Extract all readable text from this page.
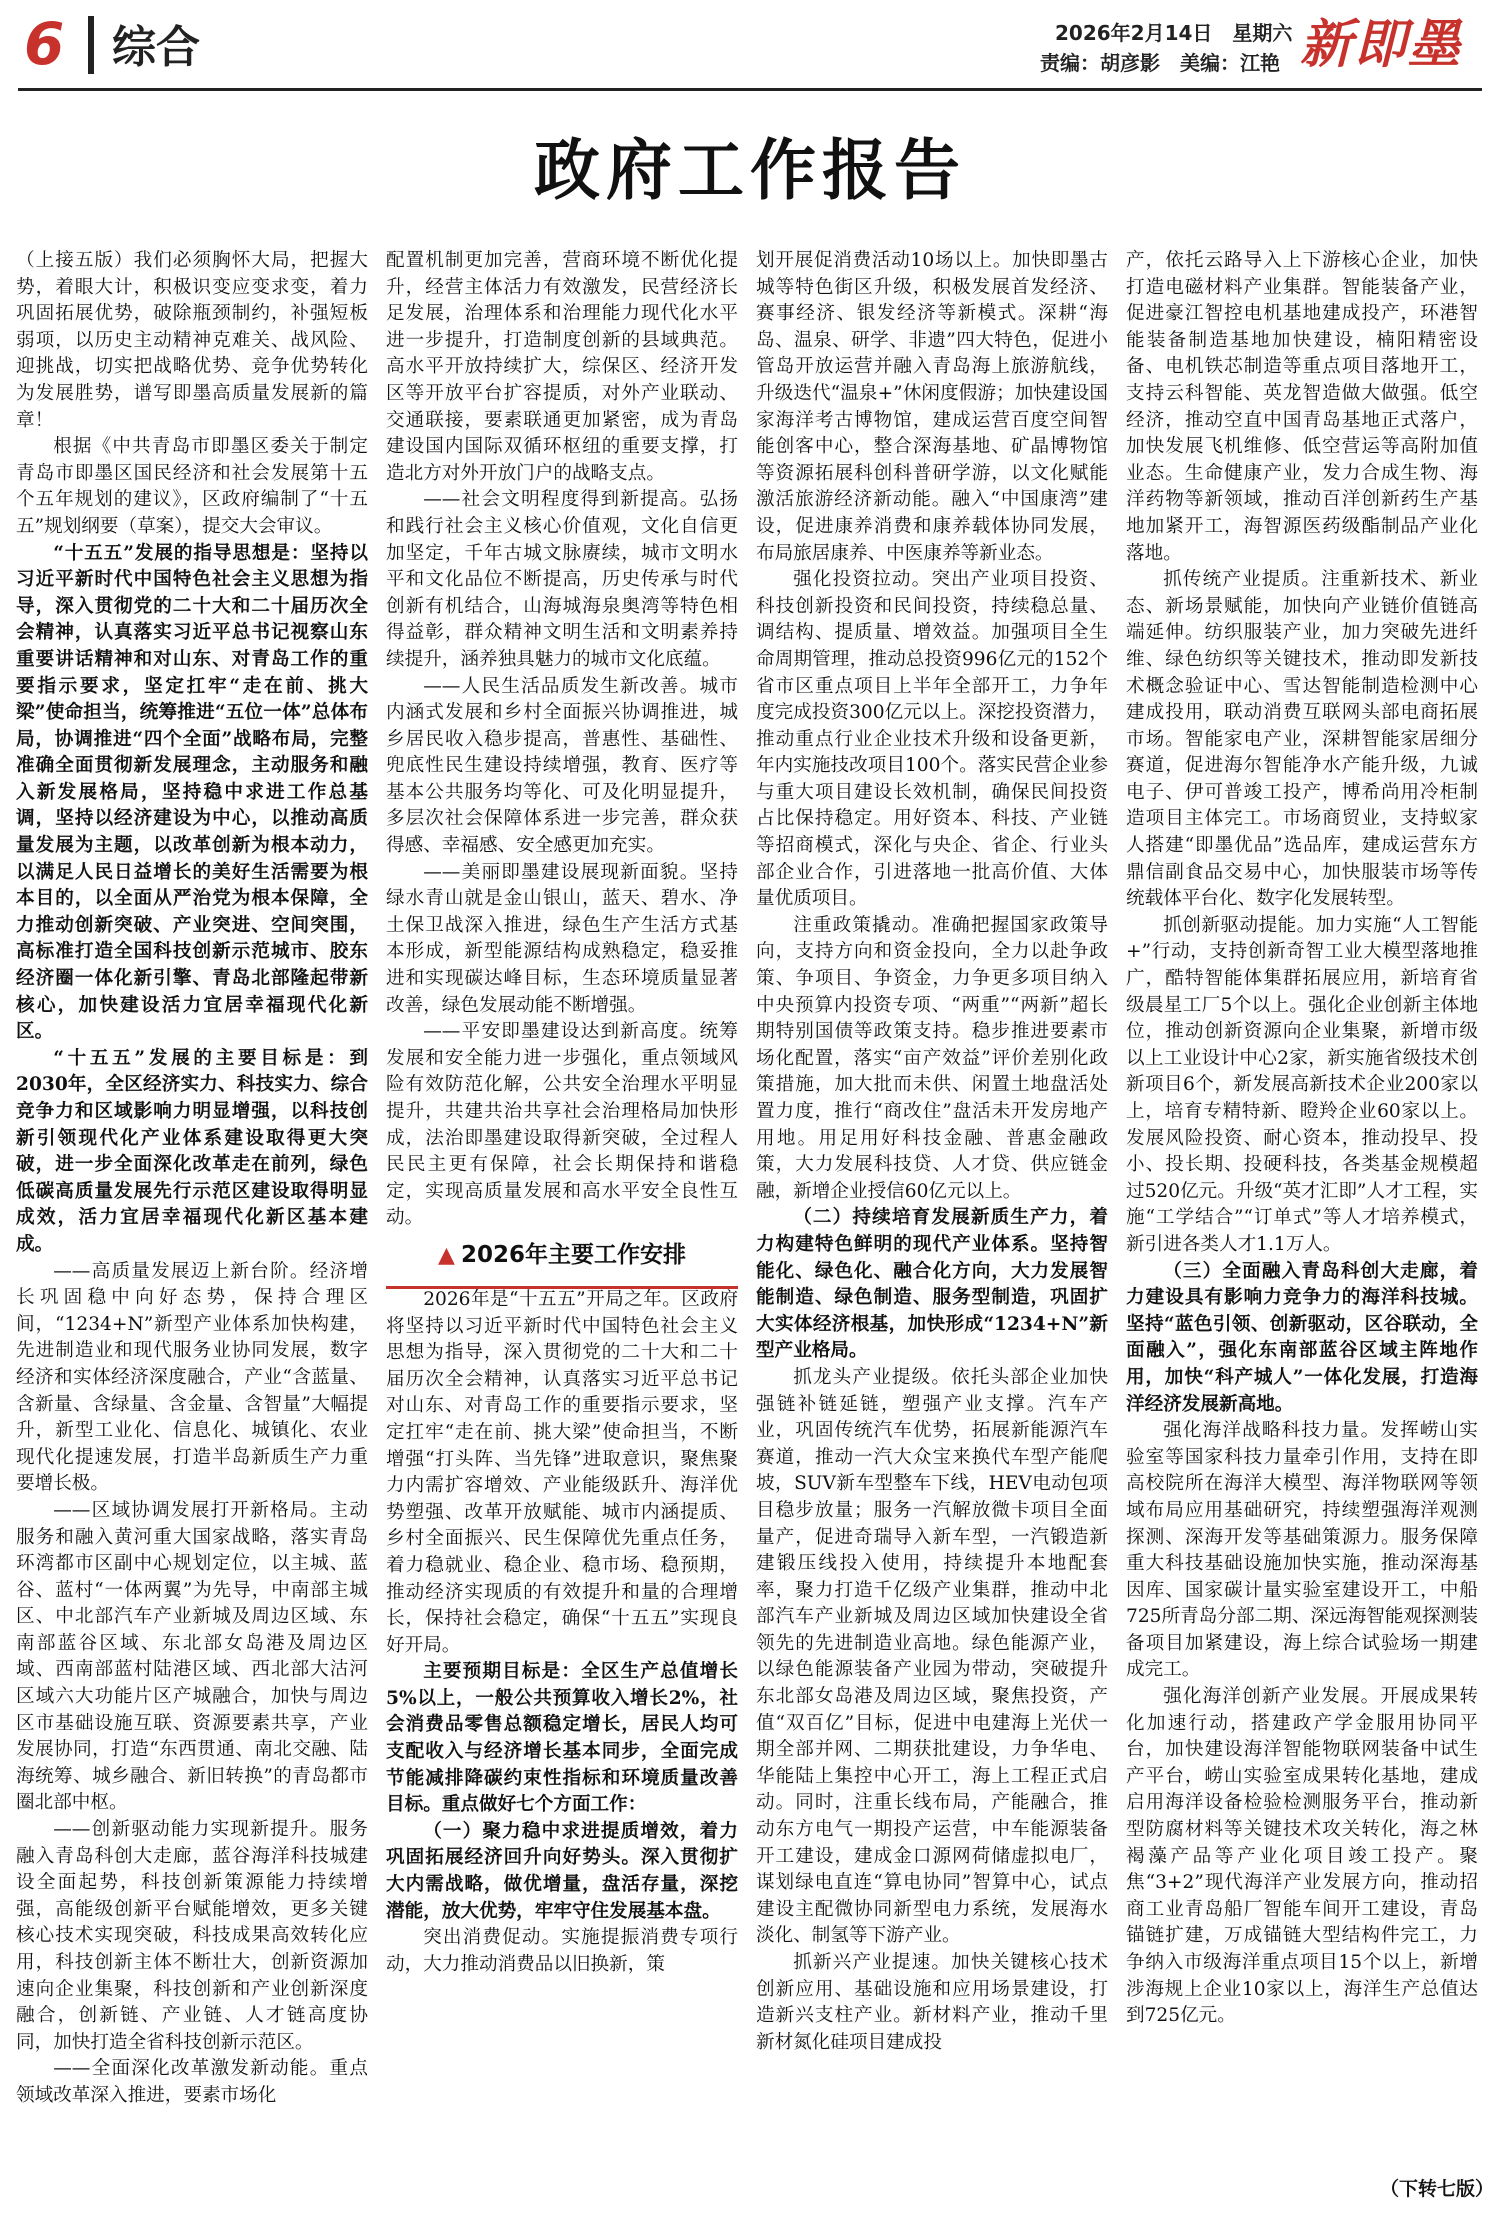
6 综合	2026年2月14日　星期六
责编：胡彦影　美编：江艳 新即墨
政府工作报告

（上接五版）我们必须胸怀大局，把握大势，着眼大计，积极识变应变求变，着力巩固拓展优势，破除瓶颈制约，补强短板弱项，以历史主动精神克难关、战风险、迎挑战，切实把战略优势、竞争优势转化为发展胜势，谱写即墨高质量发展新的篇章！

根据《中共青岛市即墨区委关于制定青岛市即墨区国民经济和社会发展第十五个五年规划的建议》，区政府编制了“十五五”规划纲要（草案），提交大会审议。

“十五五”发展的指导思想是：坚持以习近平新时代中国特色社会主义思想为指导，深入贯彻党的二十大和二十届历次全会精神，认真落实习近平总书记视察山东重要讲话精神和对山东、对青岛工作的重要指示要求，坚定扛牢“走在前、挑大梁”使命担当，统筹推进“五位一体”总体布局，协调推进“四个全面”战略布局，完整准确全面贯彻新发展理念，主动服务和融入新发展格局，坚持稳中求进工作总基调，坚持以经济建设为中心，以推动高质量发展为主题，以改革创新为根本动力，以满足人民日益增长的美好生活需要为根本目的，以全面从严治党为根本保障，全力推动创新突破、产业突进、空间突围，高标准打造全国科技创新示范城市、胶东经济圈一体化新引擎、青岛北部隆起带新核心，加快建设活力宜居幸福现代化新区。

“十五五”发展的主要目标是：到2030年，全区经济实力、科技实力、综合竞争力和区域影响力明显增强，以科技创新引领现代化产业体系建设取得更大突破，进一步全面深化改革走在前列，绿色低碳高质量发展先行示范区建设取得明显成效，活力宜居幸福现代化新区基本建成。

——高质量发展迈上新台阶。经济增长巩固稳中向好态势，保持合理区间，“1234+N”新型产业体系加快构建，先进制造业和现代服务业协同发展，数字经济和实体经济深度融合，产业“含蓝量、含新量、含绿量、含金量、含智量”大幅提升，新型工业化、信息化、城镇化、农业现代化提速发展，打造半岛新质生产力重要增长极。

——区域协调发展打开新格局。主动服务和融入黄河重大国家战略，落实青岛环湾都市区副中心规划定位，以主城、蓝谷、蓝村“一体两翼”为先导，中南部主城区、中北部汽车产业新城及周边区域、东南部蓝谷区域、东北部女岛港及周边区域、西南部蓝村陆港区域、西北部大沽河区域六大功能片区产城融合，加快与周边区市基础设施互联、资源要素共享，产业发展协同，打造“东西贯通、南北交融、陆海统筹、城乡融合、新旧转换”的青岛都市圈北部中枢。

——创新驱动能力实现新提升。服务融入青岛科创大走廊，蓝谷海洋科技城建设全面起势，科技创新策源能力持续增强，高能级创新平台赋能增效，更多关键核心技术实现突破，科技成果高效转化应用，科技创新主体不断壮大，创新资源加速向企业集聚，科技创新和产业创新深度融合，创新链、产业链、人才链高度协同，加快打造全省科技创新示范区。

——全面深化改革激发新动能。重点领域改革深入推进，要素市场化

配置机制更加完善，营商环境不断优化提升，经营主体活力有效激发，民营经济长足发展，治理体系和治理能力现代化水平进一步提升，打造制度创新的县域典范。高水平开放持续扩大，综保区、经济开发区等开放平台扩容提质，对外产业联动、交通联接，要素联通更加紧密，成为青岛建设国内国际双循环枢纽的重要支撑，打造北方对外开放门户的战略支点。

——社会文明程度得到新提高。弘扬和践行社会主义核心价值观，文化自信更加坚定，千年古城文脉赓续，城市文明水平和文化品位不断提高，历史传承与时代创新有机结合，山海城海泉奥湾等特色相得益彰，群众精神文明生活和文明素养持续提升，涵养独具魅力的城市文化底蕴。

——人民生活品质发生新改善。城市内涵式发展和乡村全面振兴协调推进，城乡居民收入稳步提高，普惠性、基础性、兜底性民生建设持续增强，教育、医疗等基本公共服务均等化、可及化明显提升，多层次社会保障体系进一步完善，群众获得感、幸福感、安全感更加充实。

——美丽即墨建设展现新面貌。坚持绿水青山就是金山银山，蓝天、碧水、净土保卫战深入推进，绿色生产生活方式基本形成，新型能源结构成熟稳定，稳妥推进和实现碳达峰目标，生态环境质量显著改善，绿色发展动能不断增强。

——平安即墨建设达到新高度。统筹发展和安全能力进一步强化，重点领域风险有效防范化解，公共安全治理水平明显提升，共建共治共享社会治理格局加快形成，法治即墨建设取得新突破，全过程人民民主更有保障，社会长期保持和谐稳定，实现高质量发展和高水平安全良性互动。

▲ 2026年主要工作安排

2026年是“十五五”开局之年。区政府将坚持以习近平新时代中国特色社会主义思想为指导，深入贯彻党的二十大和二十届历次全会精神，认真落实习近平总书记对山东、对青岛工作的重要指示要求，坚定扛牢“走在前、挑大梁”使命担当，不断增强“打头阵、当先锋”进取意识，聚焦聚力内需扩容增效、产业能级跃升、海洋优势塑强、改革开放赋能、城市内涵提质、乡村全面振兴、民生保障优先重点任务，着力稳就业、稳企业、稳市场、稳预期，推动经济实现质的有效提升和量的合理增长，保持社会稳定，确保“十五五”实现良好开局。

主要预期目标是：全区生产总值增长5%以上，一般公共预算收入增长2%，社会消费品零售总额稳定增长，居民人均可支配收入与经济增长基本同步，全面完成节能减排降碳约束性指标和环境质量改善目标。重点做好七个方面工作：

（一）聚力稳中求进提质增效，着力巩固拓展经济回升向好势头。深入贯彻扩大内需战略，做优增量，盘活存量，深挖潜能，放大优势，牢牢守住发展基本盘。

突出消费促动。实施提振消费专项行动，大力推动消费品以旧换新，策

划开展促消费活动10场以上。加快即墨古城等特色街区升级，积极发展首发经济、赛事经济、银发经济等新模式。深耕“海岛、温泉、研学、非遗”四大特色，促进小管岛开放运营并融入青岛海上旅游航线，升级迭代“温泉+”休闲度假游；加快建设国家海洋考古博物馆，建成运营百度空间智能创客中心，整合深海基地、矿晶博物馆等资源拓展科创科普研学游，以文化赋能激活旅游经济新动能。融入“中国康湾”建设，促进康养消费和康养载体协同发展，布局旅居康养、中医康养等新业态。

强化投资拉动。突出产业项目投资、科技创新投资和民间投资，持续稳总量、调结构、提质量、增效益。加强项目全生命周期管理，推动总投资996亿元的152个省市区重点项目上半年全部开工，力争年度完成投资300亿元以上。深挖投资潜力，推动重点行业企业技术升级和设备更新，年内实施技改项目100个。落实民营企业参与重大项目建设长效机制，确保民间投资占比保持稳定。用好资本、科技、产业链等招商模式，深化与央企、省企、行业头部企业合作，引进落地一批高价值、大体量优质项目。

注重政策撬动。准确把握国家政策导向，支持方向和资金投向，全力以赴争政策、争项目、争资金，力争更多项目纳入中央预算内投资专项、“两重”“两新”超长期特别国债等政策支持。稳步推进要素市场化配置，落实“亩产效益”评价差别化政策措施，加大批而未供、闲置土地盘活处置力度，推行“商改住”盘活未开发房地产用地。用足用好科技金融、普惠金融政策，大力发展科技贷、人才贷、供应链金融，新增企业授信60亿元以上。

（二）持续培育发展新质生产力，着力构建特色鲜明的现代产业体系。坚持智能化、绿色化、融合化方向，大力发展智能制造、绿色制造、服务型制造，巩固扩大实体经济根基，加快形成“1234+N”新型产业格局。

抓龙头产业提级。依托头部企业加快强链补链延链，塑强产业支撑。汽车产业，巩固传统汽车优势，拓展新能源汽车赛道，推动一汽大众宝来换代车型产能爬坡，SUV新车型整车下线，HEV电动包项目稳步放量；服务一汽解放微卡项目全面量产，促进奇瑞导入新车型，一汽锻造新建锻压线投入使用，持续提升本地配套率，聚力打造千亿级产业集群，推动中北部汽车产业新城及周边区域加快建设全省领先的先进制造业高地。绿色能源产业，以绿色能源装备产业园为带动，突破提升东北部女岛港及周边区域，聚焦投资，产值“双百亿”目标，促进中电建海上光伏一期全部并网、二期获批建设，力争华电、华能陆上集控中心开工，海上工程正式启动。同时，注重长线布局，产能融合，推动东方电气一期投产运营，中车能源装备开工建设，建成金口源网荷储虚拟电厂，谋划绿电直连“算电协同”智算中心，试点建设主配微协同新型电力系统，发展海水淡化、制氢等下游产业。

抓新兴产业提速。加快关键核心技术创新应用、基础设施和应用场景建设，打造新兴支柱产业。新材料产业，推动千里新材氮化硅项目建成投

产，依托云路导入上下游核心企业，加快打造电磁材料产业集群。智能装备产业，促进豪江智控电机基地建成投产，环港智能装备制造基地加快建设，楠阳精密设备、电机铁芯制造等重点项目落地开工，支持云科智能、英龙智造做大做强。低空经济，推动空直中国青岛基地正式落户，加快发展飞机维修、低空营运等高附加值业态。生命健康产业，发力合成生物、海洋药物等新领域，推动百洋创新药生产基地加紧开工，海智源医药级酯制品产业化落地。

抓传统产业提质。注重新技术、新业态、新场景赋能，加快向产业链价值链高端延伸。纺织服装产业，加力突破先进纤维、绿色纺织等关键技术，推动即发新技术概念验证中心、雪达智能制造检测中心建成投用，联动消费互联网头部电商拓展市场。智能家电产业，深耕智能家居细分赛道，促进海尔智能净水产能升级，九诚电子、伊可普竣工投产，博希尚用冷柜制造项目主体完工。市场商贸业，支持蚁家人搭建“即墨优品”选品库，建成运营东方鼎信副食品交易中心，加快服装市场等传统载体平台化、数字化发展转型。

抓创新驱动提能。加力实施“人工智能+”行动，支持创新奇智工业大模型落地推广，酷特智能体集群拓展应用，新培育省级晨星工厂5个以上。强化企业创新主体地位，推动创新资源向企业集聚，新增市级以上工业设计中心2家，新实施省级技术创新项目6个，新发展高新技术企业200家以上，培育专精特新、瞪羚企业60家以上。发展风险投资、耐心资本，推动投早、投小、投长期、投硬科技，各类基金规模超过520亿元。升级“英才汇即”人才工程，实施“工学结合”“订单式”等人才培养模式，新引进各类人才1.1万人。

（三）全面融入青岛科创大走廊，着力建设具有影响力竞争力的海洋科技城。坚持“蓝色引领、创新驱动，区谷联动，全面融入”，强化东南部蓝谷区域主阵地作用，加快“科产城人”一体化发展，打造海洋经济发展新高地。

强化海洋战略科技力量。发挥崂山实验室等国家科技力量牵引作用，支持在即高校院所在海洋大模型、海洋物联网等领域布局应用基础研究，持续塑强海洋观测探测、深海开发等基础策源力。服务保障重大科技基础设施加快实施，推动深海基因库、国家碳计量实验室建设开工，中船725所青岛分部二期、深远海智能观探测装备项目加紧建设，海上综合试验场一期建成完工。

强化海洋创新产业发展。开展成果转化加速行动，搭建政产学金服用协同平台，加快建设海洋智能物联网装备中试生产平台，崂山实验室成果转化基地，建成启用海洋设备检验检测服务平台，推动新型防腐材料等关键技术攻关转化，海之林褐藻产品等产业化项目竣工投产。聚焦“3+2”现代海洋产业发展方向，推动招商工业青岛船厂智能车间开工建设，青岛锚链扩建，万成锚链大型结构件完工，力争纳入市级海洋重点项目15个以上，新增涉海规上企业10家以上，海洋生产总值达到725亿元。

（下转七版）
